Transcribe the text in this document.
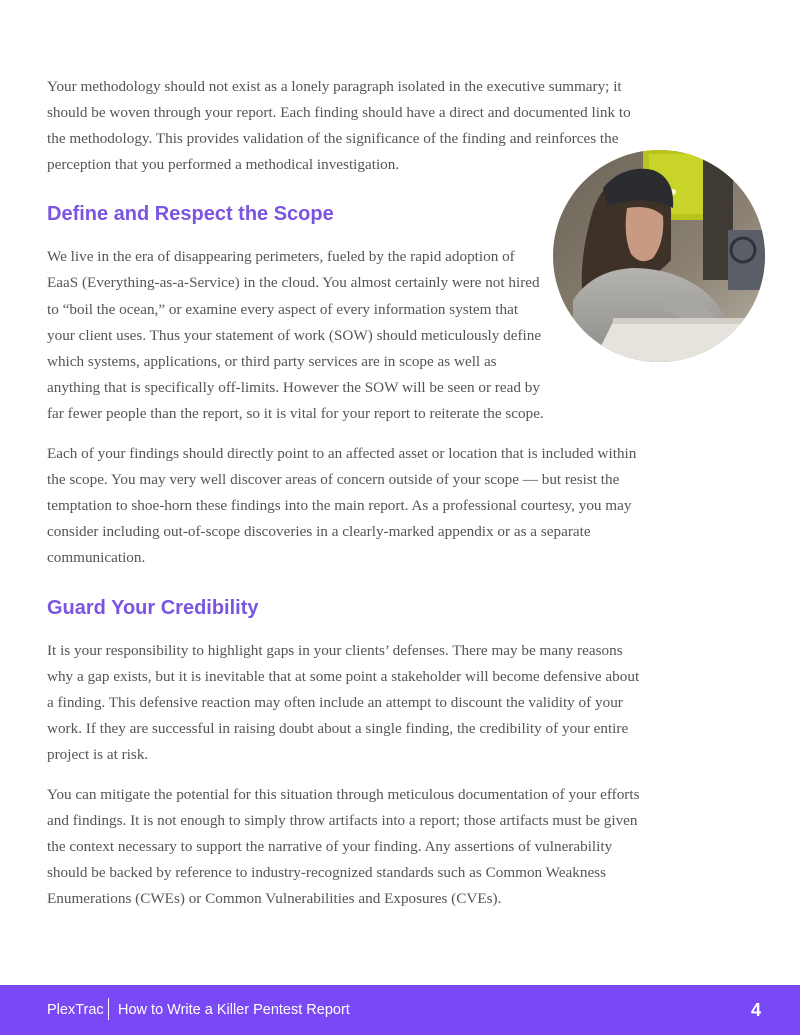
Your methodology should not exist as a lonely paragraph isolated in the executive summary; it should be woven through your report. Each finding should have a direct and documented link to the methodology. This provides validation of the significance of the finding and reinforces the perception that you performed a methodical investigation.

Define and Respect the Scope

We live in the era of disappearing perimeters, fueled by the rapid adoption of EaaS (Everything-as-a-Service) in the cloud. You almost certainly were not hired to “boil the ocean,” or examine every aspect of every information system that your client uses. Thus your statement of work (SOW) should meticulously define which systems, applications, or third party services are in scope as well as anything that is specifically off-limits. However the SOW will be seen or read by far fewer people than the report, so it is vital for your report to reiterate the scope.

Each of your findings should directly point to an affected asset or location that is included within the scope. You may very well discover areas of concern outside of your scope — but resist the temptation to shoe-horn these findings into the main report. As a professional courtesy, you may consider including out-of-scope discoveries in a clearly-marked appendix or as a separate communication.

Guard Your Credibility

It is your responsibility to highlight gaps in your clients’ defenses. There may be many reasons why a gap exists, but it is inevitable that at some point a stakeholder will become defensive about a finding. This defensive reaction may often include an attempt to discount the validity of your work. If they are successful in raising doubt about a single finding, the credibility of your entire project is at risk.

You can mitigate the potential for this situation through meticulous documentation of your efforts and findings. It is not enough to simply throw artifacts into a report; those artifacts must be given the context necessary to support the narrative of your finding. Any assertions of vulnerability should be backed by reference to industry-recognized standards such as Common Weakness Enumerations (CWEs) or Common Vulnerabilities and Exposures (CVEs).

PlexTrac How to Write a Killer Pentest Report	4
